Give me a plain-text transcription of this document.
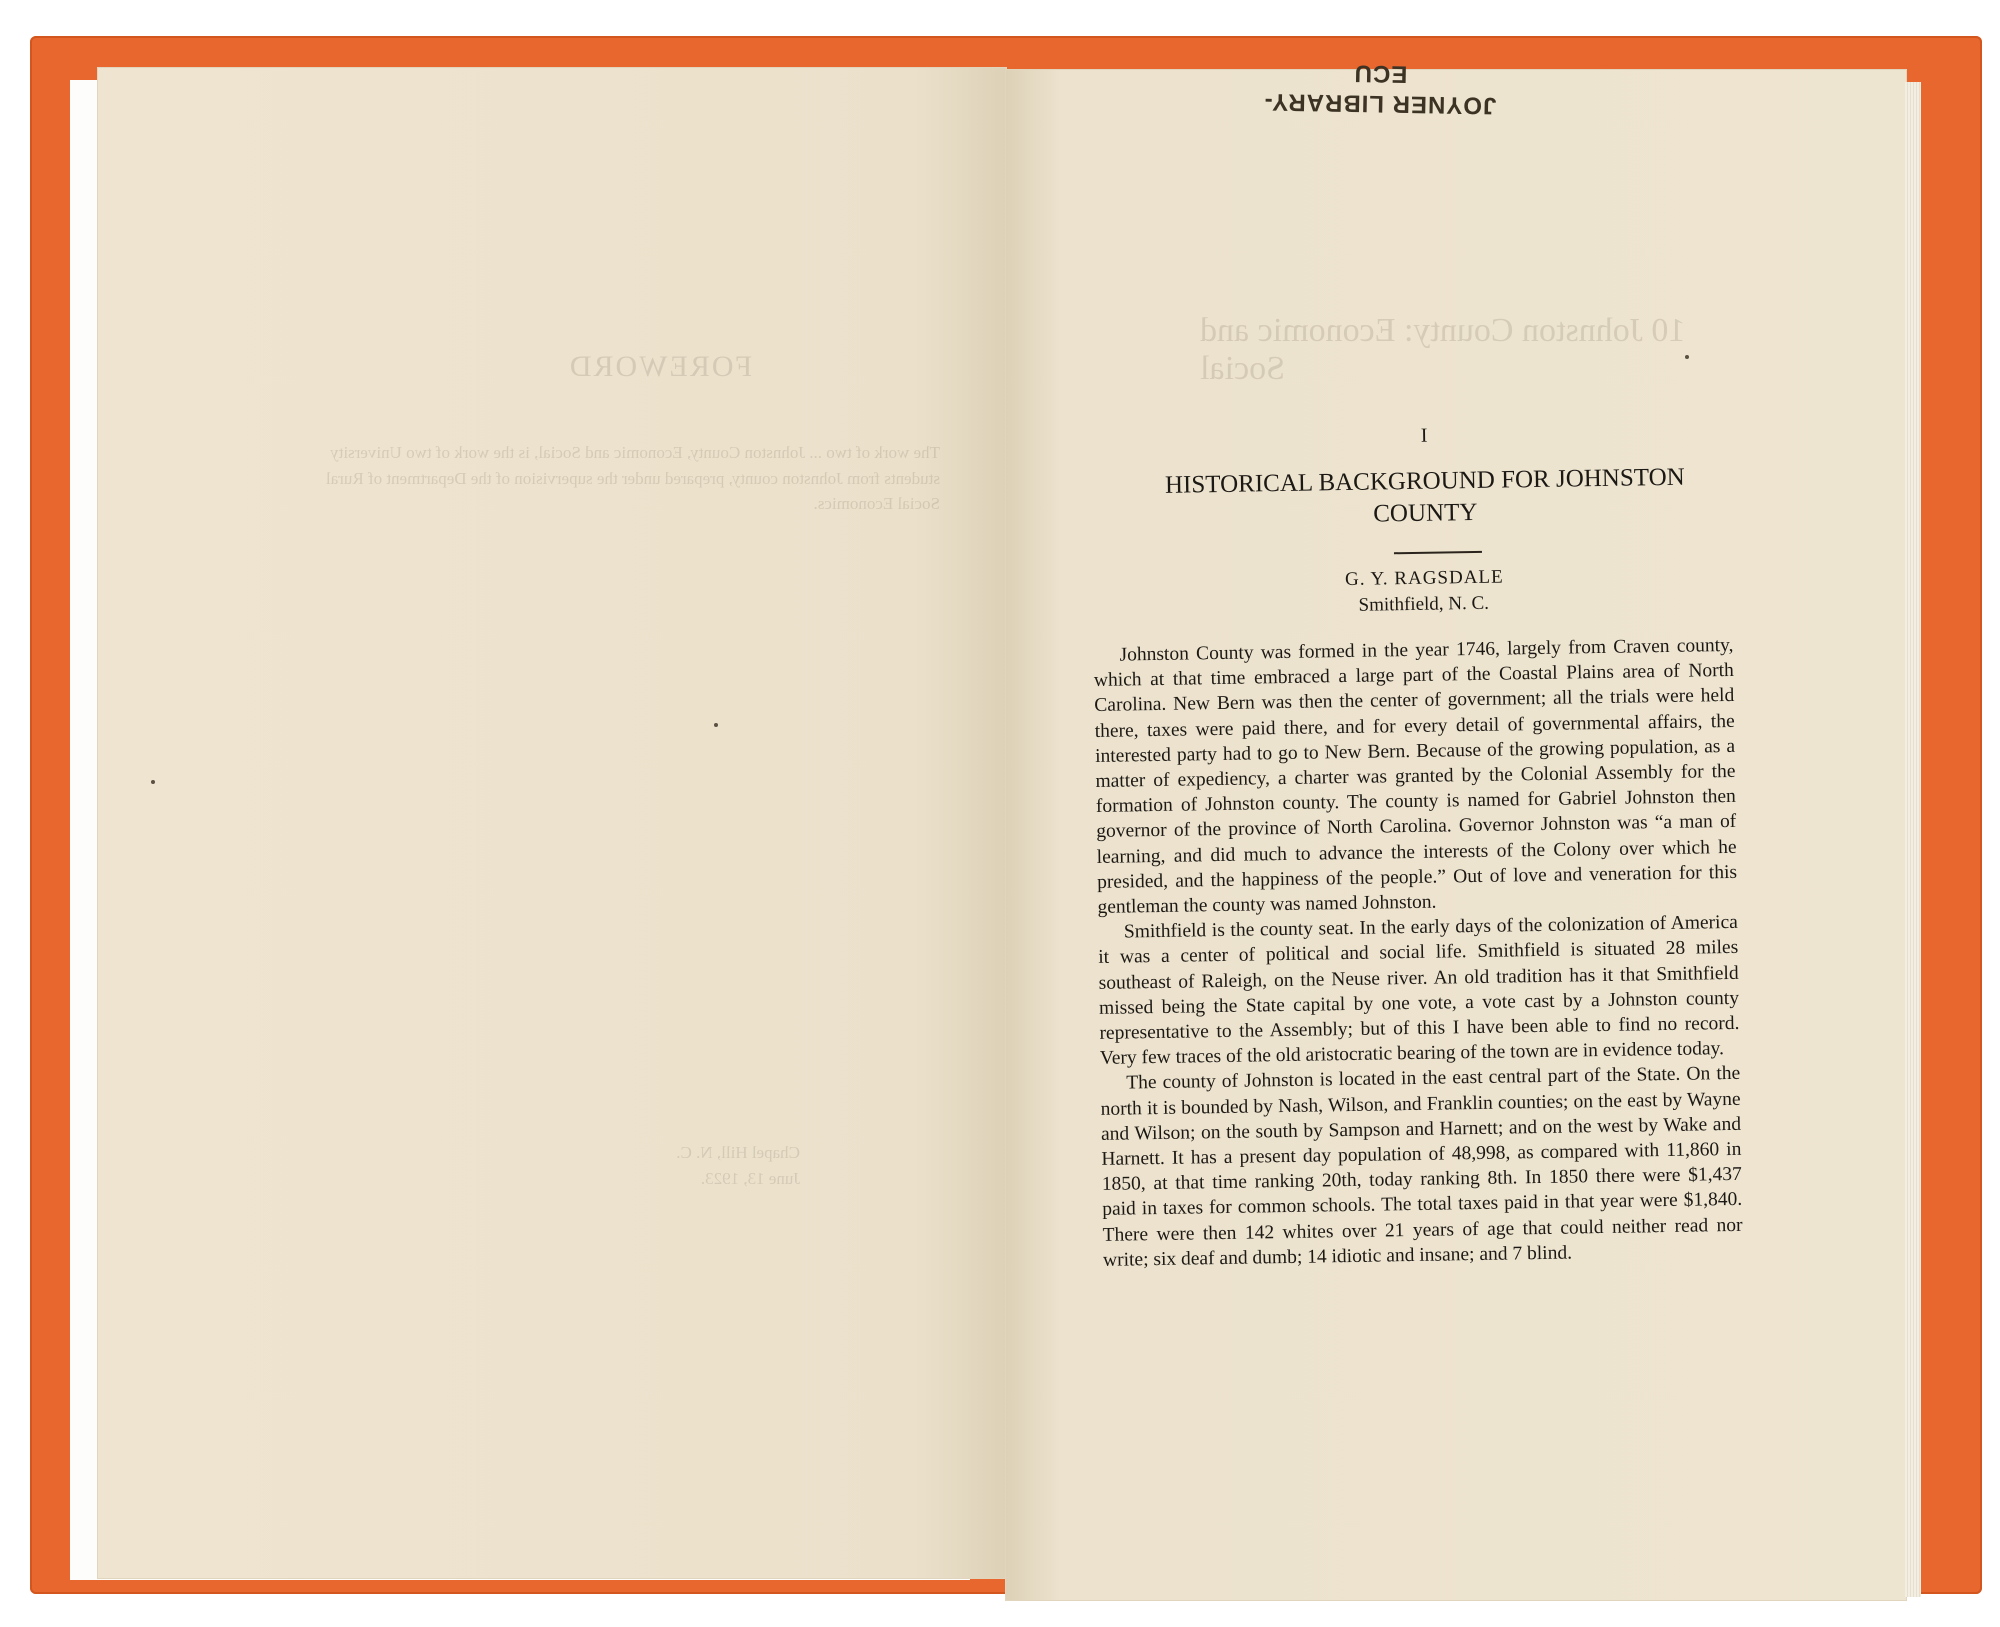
JOYNER LIBRARY-ECU
10 Johnston County: Economic and Social
FOREWORD
The work of two ... Johnston County, Economic and Social, is the work of two University students from Johnston county, prepared under the supervision of the Department of Rural Social Economics.
Chapel Hill, N. C.
June 13, 1923.

I

HISTORICAL BACKGROUND FOR JOHNSTON COUNTY

G. Y. RAGSDALE

Smithfield, N. C.

Johnston County was formed in the year 1746, largely from Craven county, which at that time embraced a large part of the Coastal Plains area of North Carolina. New Bern was then the center of government; all the trials were held there, taxes were paid there, and for every detail of governmental affairs, the interested party had to go to New Bern. Because of the growing population, as a matter of expediency, a charter was granted by the Colonial Assembly for the formation of Johnston county. The county is named for Gabriel Johnston then governor of the province of North Carolina. Governor Johnston was “a man of learning, and did much to advance the interests of the Colony over which he presided, and the happiness of the people.” Out of love and veneration for this gentleman the county was named Johnston.

Smithfield is the county seat. In the early days of the colonization of America it was a center of political and social life. Smithfield is situated 28 miles southeast of Raleigh, on the Neuse river. An old tradition has it that Smithfield missed being the State capital by one vote, a vote cast by a Johnston county representative to the Assembly; but of this I have been able to find no record. Very few traces of the old aristocratic bearing of the town are in evidence today.

The county of Johnston is located in the east central part of the State. On the north it is bounded by Nash, Wilson, and Franklin counties; on the east by Wayne and Wilson; on the south by Sampson and Harnett; and on the west by Wake and Harnett. It has a present day population of 48,998, as compared with 11,860 in 1850, at that time ranking 20th, today ranking 8th. In 1850 there were $1,437 paid in taxes for common schools. The total taxes paid in that year were $1,840. There were then 142 whites over 21 years of age that could neither read nor write; six deaf and dumb; 14 idiotic and insane; and 7 blind.
